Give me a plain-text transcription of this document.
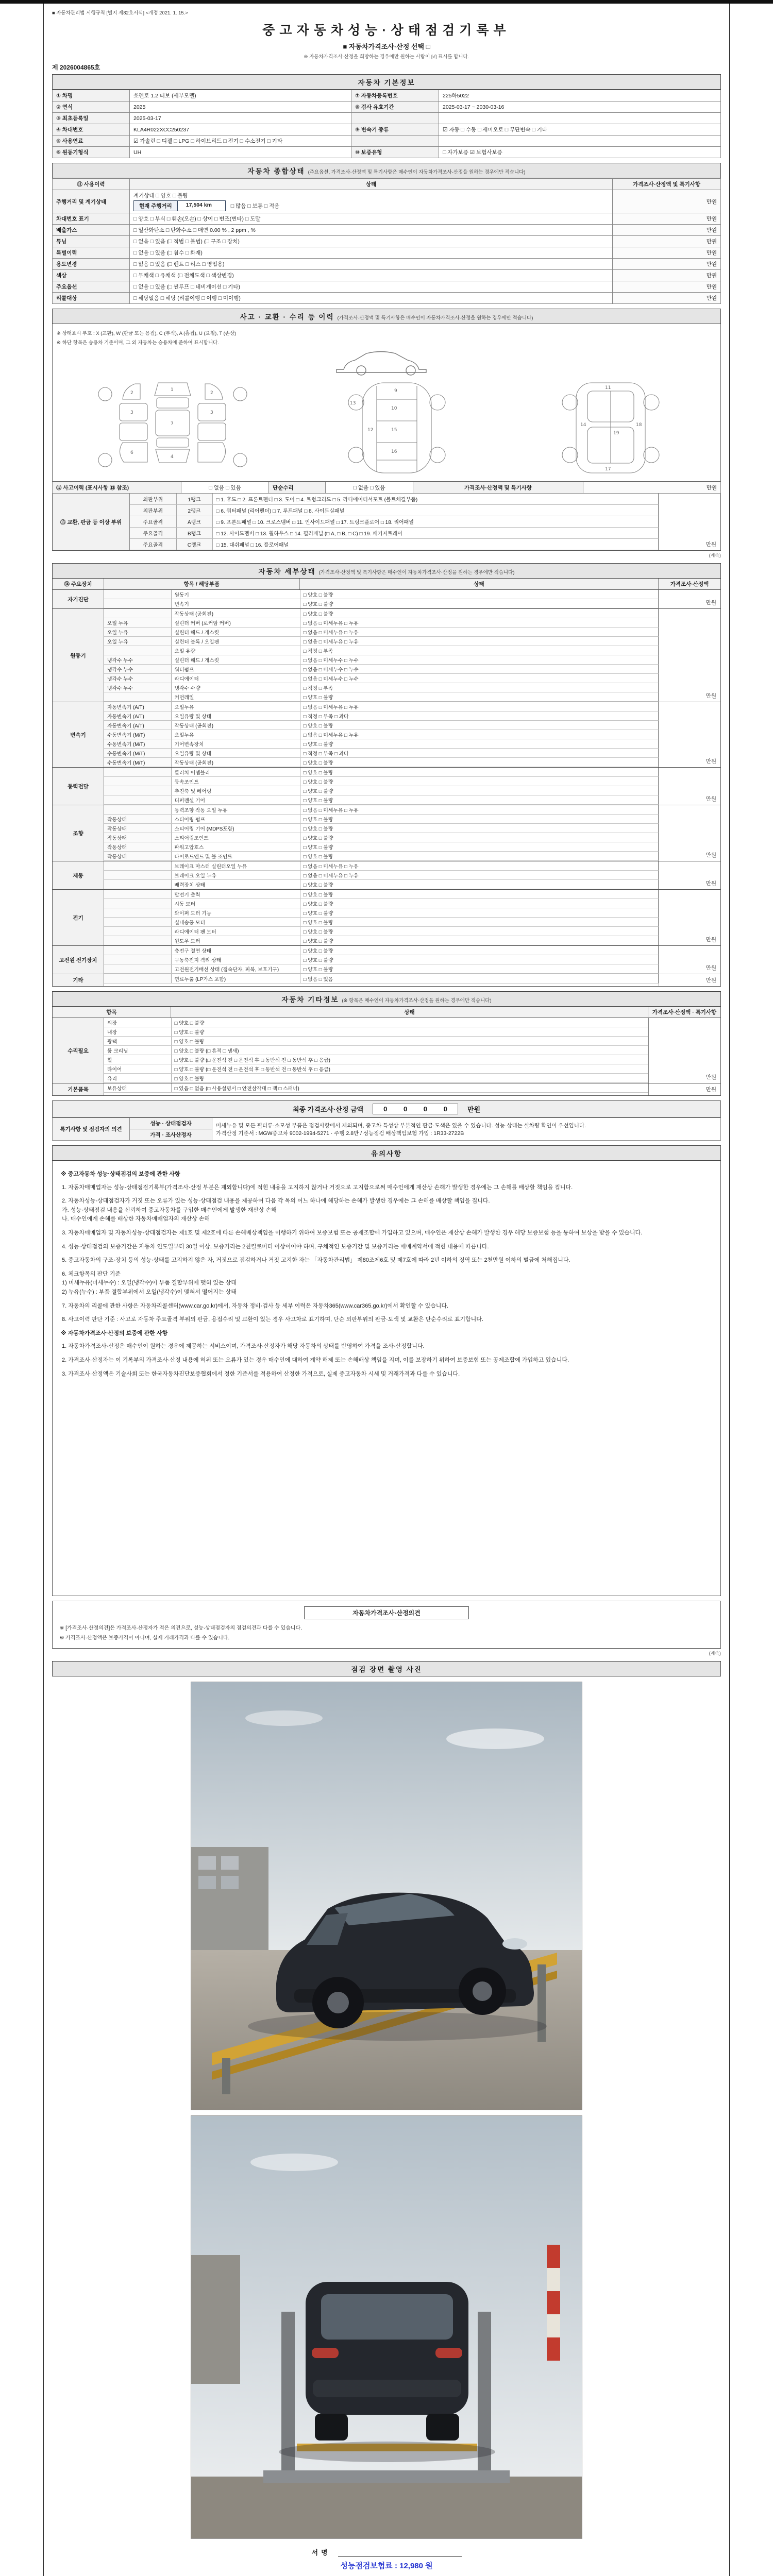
■ 자동차관리법 시행규칙 [별지 제82호서식] <개정 2021. 1. 15.>
중고자동차성능·상태점검기록부
■ 자동차가격조사·산정 선택 □
※ 자동차가격조사·산정을 희망하는 경우에만 원하는 사람이 [√] 표시를 합니다.
제 2026004865호
자동차 기본정보
① 차명	쏘렌토 1.2 터보 (세부모델)	⑦ 자동차등록번호	225하5022
② 연식	2025	⑧ 검사 유효기간	2025-03-17 ~ 2030-03-16
③ 최초등록일	2025-03-17		
④ 차대번호	KLA4R022XCC250237	⑨ 변속기 종류	☑ 자동 □ 수동 □ 세미오토 □ 무단변속 □ 기타
⑤ 사용연료	☑ 가솔린 □ 디젤 □ LPG □ 하이브리드 □ 전기 □ 수소전기 □ 기타		
⑥ 원동기형식	UH	⑩ 보증유형	□ 자가보증 ☑ 보험사보증
자동차 종합상태 (주요옵션, 가격조사·산정액 및 특기사항은 매수인이 자동차가격조사·산정을 원하는 경우에만 적습니다)
⑪ 사용이력	상태	가격조사·산정액 및 특기사항
주행거리 및 계기상태	계기상태 □ 양호 □ 불량
현재 주행거리 17,504 km □ 많음 □ 보통 □ 적음	만원
차대번호 표기	□ 양호 □ 부식 □ 훼손(오손) □ 상이 □ 변조(변타) □ 도말	만원
배출가스	□ 일산화탄소 □ 탄화수소 □ 매연 0.00 % , 2 ppm , %	만원
튜닝	□ 없음 □ 있음 (□ 적법 □ 불법) (□ 구조 □ 장치)	만원
특별이력	□ 없음 □ 있음 (□ 침수 □ 화재)	만원
용도변경	□ 없음 □ 있음 (□ 렌트 □ 리스 □ 영업용)	만원
색상	□ 무채색 □ 유채색 (□ 전체도색 □ 색상변경)	만원
주요옵션	□ 없음 □ 있음 (□ 썬루프 □ 네비게이션 □ 기타)	만원
리콜대상	□ 해당없음 □ 해당 (리콜이행 □ 이행 □ 미이행)	만원
사고 · 교환 · 수리 등 이력 (가격조사·산정액 및 특기사항은 매수인이 자동차가격조사·산정을 원하는 경우에만 적습니다)
※ 상태표시 부호 : X (교환), W (판금 또는 용접), C (부식), A (흠집), U (요철), T (손상)
※ 하단 항목은 승용차 기준이며, 그 외 자동차는 승용차에 준하여 표시합니다.
1
2
3
4
6
7
2
3
9
10
12
13
15
16
11
14
17
18
19
⑫ 사고이력 (표시사항 ⑬ 참조)	□ 없음 □ 있음	단순수리	□ 없음 □ 있음	가격조사·산정액 및 특기사항	만원
⑬ 교환, 판금 등 이상 부위
외판부위	1랭크	□ 1. 후드 □ 2. 프론트펜더 □ 3. 도어 □ 4. 트렁크리드 □ 5. 라디에이터서포트 (볼트체결부품)
외판부위	2랭크	□ 6. 쿼터패널 (리어펜더) □ 7. 루프패널 □ 8. 사이드실패널
주요골격	A랭크	□ 9. 프론트패널 □ 10. 크로스멤버 □ 11. 인사이드패널 □ 17. 트렁크플로어 □ 18. 리어패널
주요골격	B랭크	□ 12. 사이드멤버 □ 13. 휠하우스 □ 14. 필러패널 (□ A, □ B, □ C) □ 19. 패키지트레이
주요골격	C랭크	□ 15. 대쉬패널 □ 16. 플로어패널	만원
(계속)
자동차 세부상태 (가격조사·산정액 및 특기사항은 매수인이 자동차가격조사·산정을 원하는 경우에만 적습니다)
⑭ 주요장치	항목 / 해당부품	상태	가격조사·산정액
자기진단
	원동기	□ 양호 □ 불량
	변속기	□ 양호 □ 불량	만원
원동기
	작동상태 (공회전)	□ 양호 □ 불량
오일 누유	실린더 커버 (로커암 커버)	□ 없음 □ 미세누유 □ 누유
오일 누유	실린더 헤드 / 개스킷	□ 없음 □ 미세누유 □ 누유
오일 누유	실린더 블록 / 오일팬	□ 없음 □ 미세누유 □ 누유
	오일 유량	□ 적정 □ 부족
냉각수 누수	실린더 헤드 / 개스킷	□ 없음 □ 미세누수 □ 누수
냉각수 누수	워터펌프	□ 없음 □ 미세누수 □ 누수
냉각수 누수	라디에이터	□ 없음 □ 미세누수 □ 누수
냉각수 누수	냉각수 수량	□ 적정 □ 부족
	커먼레일	□ 양호 □ 불량	만원
변속기
자동변속기 (A/T)	오일누유	□ 없음 □ 미세누유 □ 누유
자동변속기 (A/T)	오일유량 및 상태	□ 적정 □ 부족 □ 과다
자동변속기 (A/T)	작동상태 (공회전)	□ 양호 □ 불량
수동변속기 (M/T)	오일누유	□ 없음 □ 미세누유 □ 누유
수동변속기 (M/T)	기어변속장치	□ 양호 □ 불량
수동변속기 (M/T)	오일유량 및 상태	□ 적정 □ 부족 □ 과다
수동변속기 (M/T)	작동상태 (공회전)	□ 양호 □ 불량	만원
동력전달
	클러치 어셈블리	□ 양호 □ 불량
	등속조인트	□ 양호 □ 불량
	추진축 및 베어링	□ 양호 □ 불량
	디퍼렌셜 기어	□ 양호 □ 불량	만원
조향
	동력조향 작동 오일 누유	□ 없음 □ 미세누유 □ 누유
작동상태	스티어링 펌프	□ 양호 □ 불량
작동상태	스티어링 기어 (MDPS포함)	□ 양호 □ 불량
작동상태	스티어링조인트	□ 양호 □ 불량
작동상태	파워고압호스	□ 양호 □ 불량
작동상태	타이로드엔드 및 볼 조인트	□ 양호 □ 불량	만원
제동
	브레이크 마스터 실린더오일 누유	□ 없음 □ 미세누유 □ 누유
	브레이크 오일 누유	□ 없음 □ 미세누유 □ 누유
	배력장치 상태	□ 양호 □ 불량	만원
전기
	발전기 출력	□ 양호 □ 불량
	시동 모터	□ 양호 □ 불량
	와이퍼 모터 기능	□ 양호 □ 불량
	실내송풍 모터	□ 양호 □ 불량
	라디에이터 팬 모터	□ 양호 □ 불량
	윈도우 모터	□ 양호 □ 불량	만원
고전원 전기장치
	충전구 절연 상태	□ 양호 □ 불량
	구동축전지 격리 상태	□ 양호 □ 불량
	고전원전기배선 상태 (접속단자, 피복, 보호기구)	□ 양호 □ 불량	만원
기타
		연료누출 (LP가스 포함)	□ 없음 □ 있음	만원
자동차 기타정보 (※ 항목은 매수인이 자동차가격조사·산정을 원하는 경우에만 적습니다)
항목	상태	가격조사·산정액 · 특기사항
수리필요
외장	□ 양호 □ 불량
내장	□ 양호 □ 불량
광택	□ 양호 □ 불량
룸 크리닝	□ 양호 □ 불량 (□ 흔적 □ 냄새)
휠	□ 양호 □ 불량 (□ 운전석 전 □ 운전석 후 □ 동반석 전 □ 동반석 후 □ 응급)
타이어	□ 양호 □ 불량 (□ 운전석 전 □ 운전석 후 □ 동반석 전 □ 동반석 후 □ 응급)
유리	□ 양호 □ 불량	만원
기본품목	보유상태	□ 있음 □ 없음 (□ 사용설명서 □ 안전삼각대 □ 잭 □ 스패너)	만원
최종 가격조사·산정 금액	0 0 0 0	만원
특기사항 및 점검자의 의견	성능 · 상태점검자	미세누유 및 모든 필터류·소모성 부품은 점검사항에서 제외되며, 중고차 특성상 부분적인 판금·도색은 있을 수 있습니다. 성능·상태는 실차량 확인이 우선입니다.
가격산정 기준서 : MGW중고차 9002-1994-5271 · 주행 2.8만 / 성능점검 배상책임보험 가입 : 1R33-2722B
가격 · 조사산정자
유의사항

※ 중고자동차 성능·상태점검의 보증에 관한 사항

1. 자동차매매업자는 성능·상태점검기록부(가격조사·산정 부분은 제외합니다)에 적힌 내용을 고지하지 않거나 거짓으로 고지함으로써 매수인에게 재산상 손해가 발생한 경우에는 그 손해를 배상할 책임을 집니다.

2. 자동차성능·상태점검자가 거짓 또는 오류가 있는 성능·상태점검 내용을 제공하여 다음 각 목의 어느 하나에 해당하는 손해가 발생한 경우에는 그 손해를 배상할 책임을 집니다.
가. 성능·상태점검 내용을 신뢰하여 중고자동차를 구입한 매수인에게 발생한 재산상 손해
나. 매수인에게 손해를 배상한 자동차매매업자의 재산상 손해

3. 자동차매매업자 및 자동차성능·상태점검자는 제1호 및 제2호에 따른 손해배상책임을 이행하기 위하여 보증보험 또는 공제조합에 가입하고 있으며, 매수인은 재산상 손해가 발생한 경우 해당 보증보험 등을 통하여 보상을 받을 수 있습니다.

4. 성능·상태점검의 보증기간은 자동차 인도일부터 30일 이상, 보증거리는 2천킬로미터 이상이어야 하며, 구체적인 보증기간 및 보증거리는 매매계약서에 적힌 내용에 따릅니다.

5. 중고자동차의 구조·장치 등의 성능·상태를 고지하지 않은 자, 거짓으로 점검하거나 거짓 고지한 자는 「자동차관리법」 제80조제6호 및 제7호에 따라 2년 이하의 징역 또는 2천만원 이하의 벌금에 처해집니다.

6. 체크항목의 판단 기준
1) 미세누유(미세누수) : 오일(냉각수)이 부품 결합부위에 맺혀 있는 상태
2) 누유(누수) : 부품 결합부위에서 오일(냉각수)이 맺혀서 떨어지는 상태

7. 자동차의 리콜에 관한 사항은 자동차리콜센터(www.car.go.kr)에서, 자동차 정비·검사 등 세부 이력은 자동차365(www.car365.go.kr)에서 확인할 수 있습니다.

8. 사고이력 판단 기준 : 사고로 자동차 주요골격 부위의 판금, 용접수리 및 교환이 있는 경우 사고차로 표기하며, 단순 외판부위의 판금·도색 및 교환은 단순수리로 표기합니다.

※ 자동차가격조사·산정의 보증에 관한 사항

1. 자동차가격조사·산정은 매수인이 원하는 경우에 제공하는 서비스이며, 가격조사·산정자가 해당 자동차의 상태를 반영하여 가격을 조사·산정합니다.

2. 가격조사·산정자는 이 기록부의 가격조사·산정 내용에 허위 또는 오류가 있는 경우 매수인에 대하여 계약 해제 또는 손해배상 책임을 지며, 이를 보장하기 위하여 보증보험 또는 공제조합에 가입하고 있습니다.

3. 가격조사·산정액은 기술사회 또는 한국자동차진단보증협회에서 정한 기준서를 적용하여 산정한 가격으로, 실제 중고자동차 시세 및 거래가격과 다를 수 있습니다.

자동차가격조사·산정의견

※ [가격조사·산정의견]은 가격조사·산정자가 적은 의견으로, 성능·상태점검자의 점검의견과 다를 수 있습니다.

※ 가격조사·산정액은 보증가격이 아니며, 실제 거래가격과 다를 수 있습니다.

(계속)
점검 장면 촬영 사진
서명
성능점검보험료 : 12,980 원
